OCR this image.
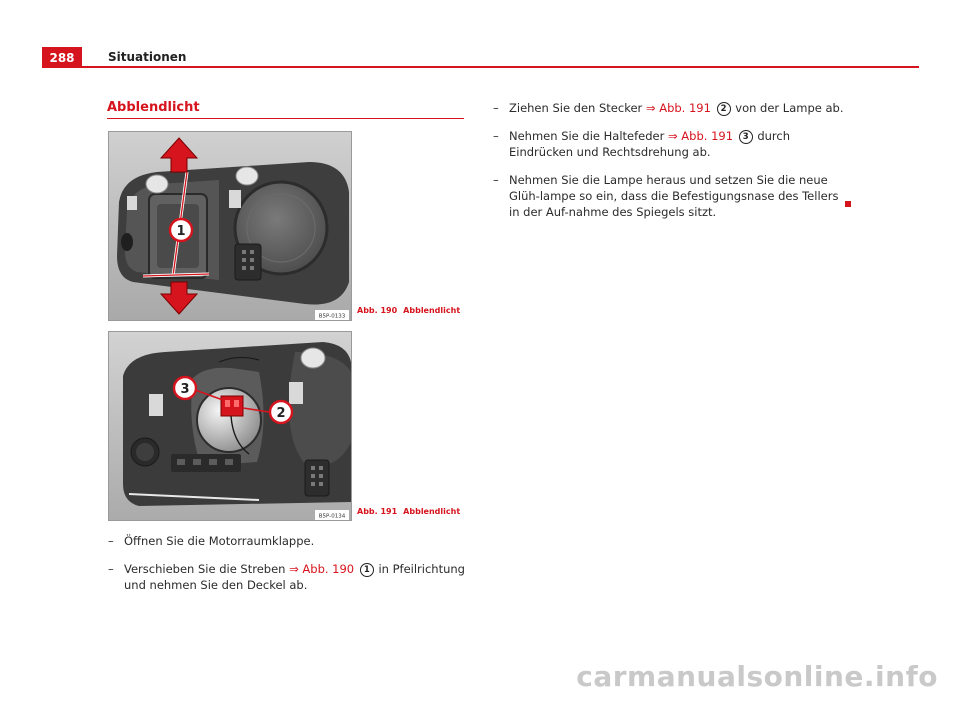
288	Situationen
Abblendlicht
1
B5P-0133
Abb. 190 Abblendlicht
3
2
B5P-0134
Abb. 191 Abblendlicht
– Öffnen Sie die Motorraumklappe.
– Verschieben Sie die Streben ⇒ Abb. 190 1 in Pfeilrichtung und nehmen Sie den Deckel ab.
– Ziehen Sie den Stecker ⇒ Abb. 191 2 von der Lampe ab.
– Nehmen Sie die Haltefeder ⇒ Abb. 191 3 durch Eindrücken und Rechtsdrehung ab.
– Nehmen Sie die Lampe heraus und setzen Sie die neue Glüh-lampe so ein, dass die Befestigungsnase des Tellers in der Auf-nahme des Spiegels sitzt.
carmanualsonline.info
